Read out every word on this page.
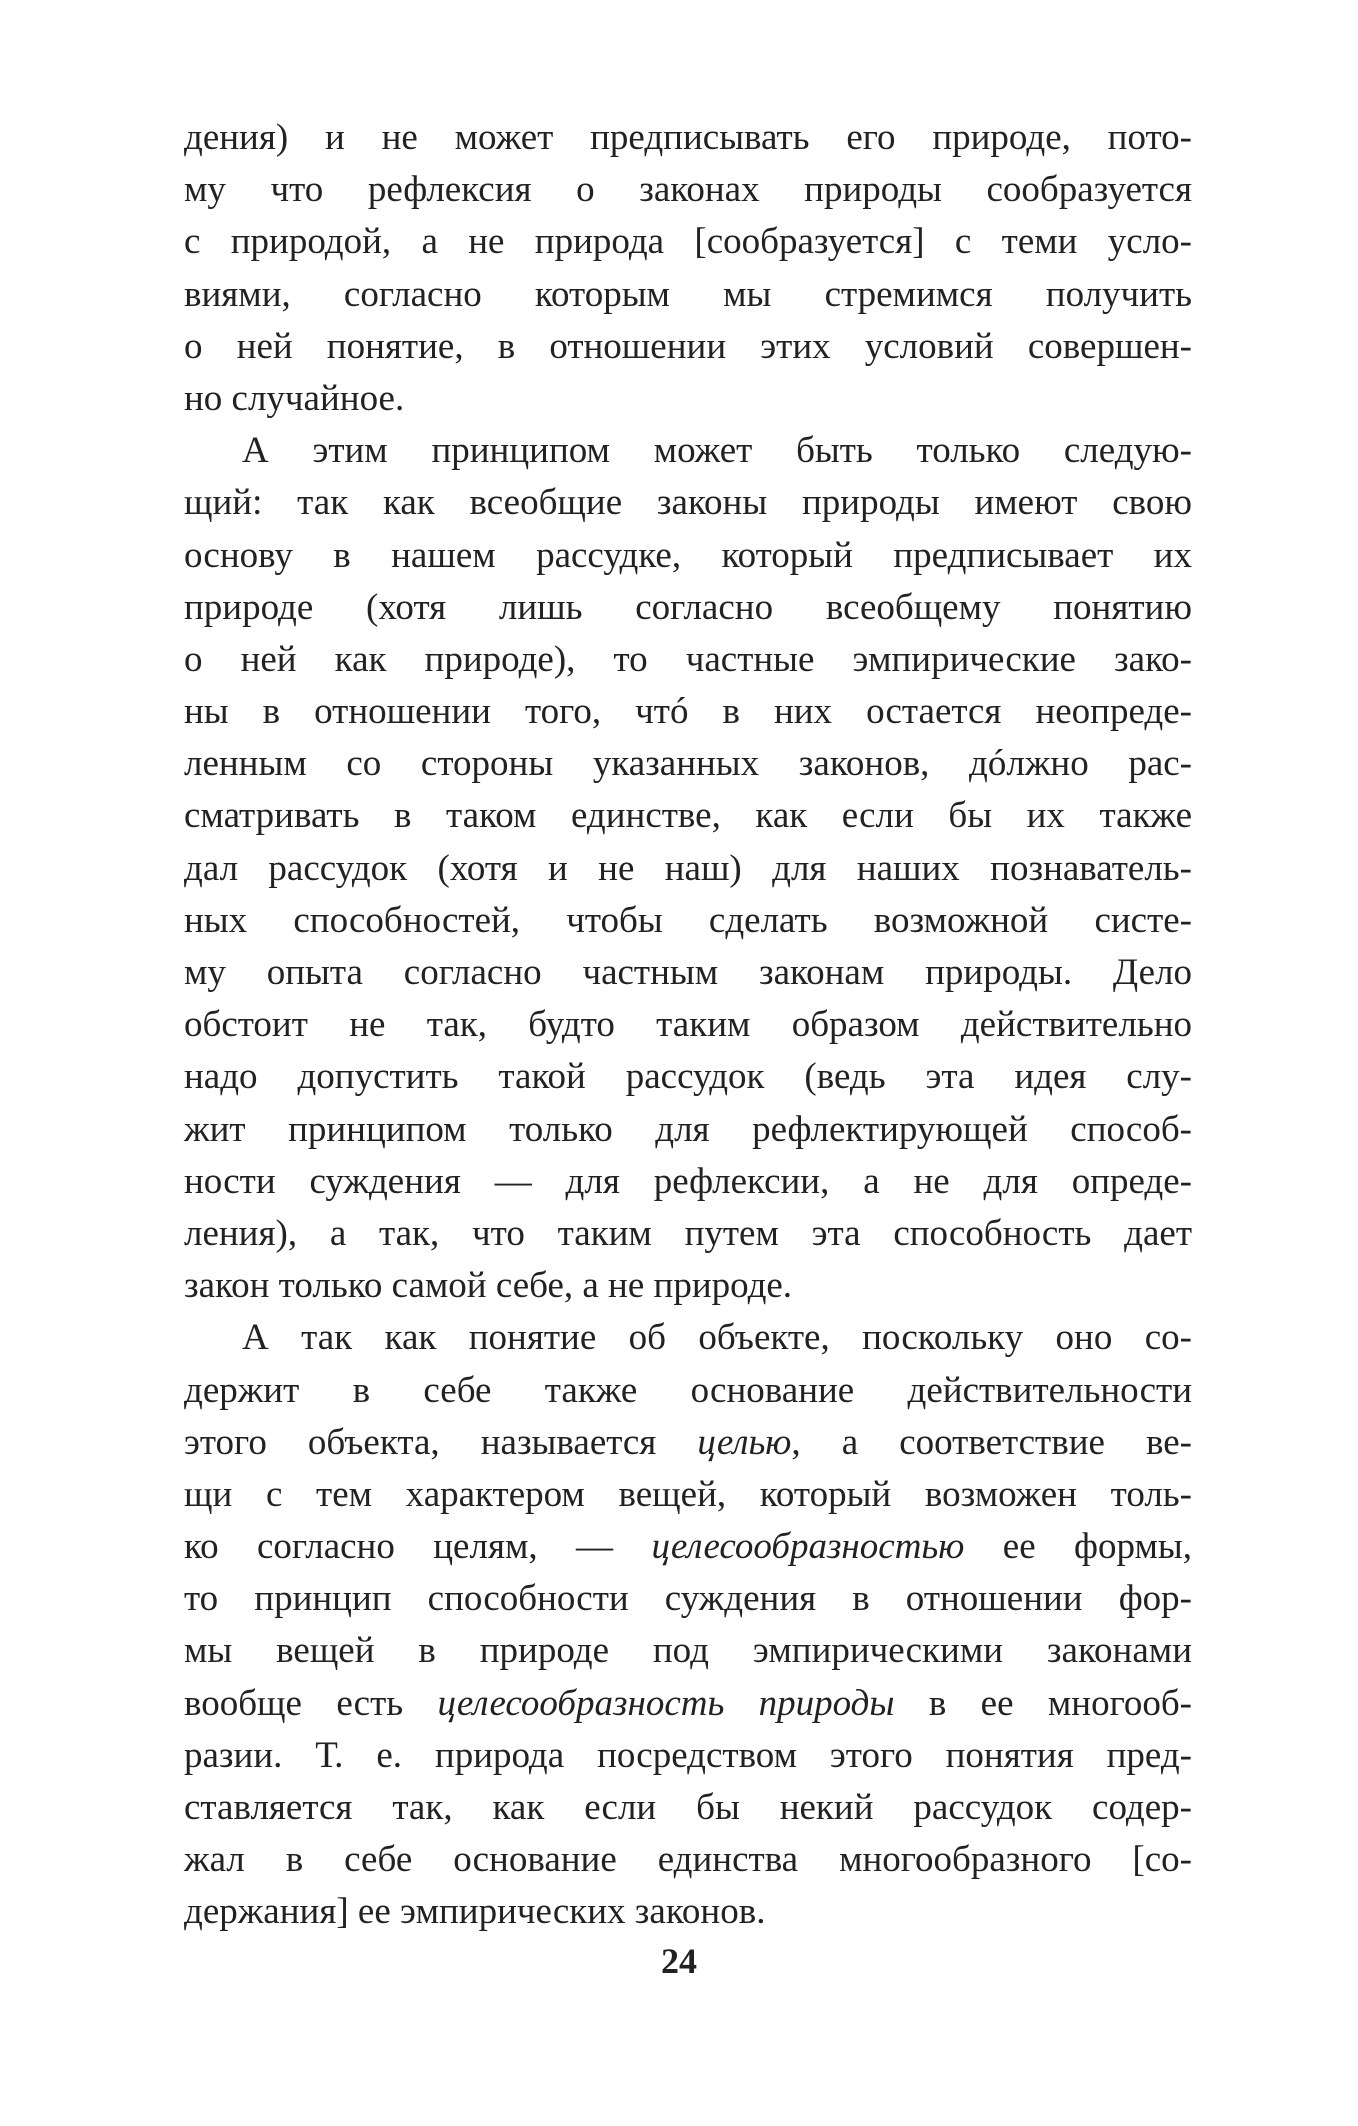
дения) и не может предписывать его природе, пото-
му что рефлексия о законах природы сообразуется
с природой, а не природа [сообразуется] с теми усло-
виями, согласно которым мы стремимся получить
о ней понятие, в отношении этих условий совершен-
но случайное.
А этим принципом может быть только следую-
щий: так как всеобщие законы природы имеют свою
основу в нашем рассудке, который предписывает их
природе (хотя лишь согласно всеобщему понятию
о ней как природе), то частные эмпирические зако-
ны в отношении того, чтó в них остается неопреде-
ленным со стороны указанных законов, дóлжно рас-
сматривать в таком единстве, как если бы их также
дал рассудок (хотя и не наш) для наших познаватель-
ных способностей, чтобы сделать возможной систе-
му опыта согласно частным законам природы. Дело
обстоит не так, будто таким образом действительно
надо допустить такой рассудок (ведь эта идея слу-
жит принципом только для рефлектирующей способ-
ности суждения — для рефлексии, а не для опреде-
ления), а так, что таким путем эта способность дает
закон только самой себе, а не природе.
А так как понятие об объекте, поскольку оно со-
держит в себе также основание действительности
этого объекта, называется целью, а соответствие ве-
щи с тем характером вещей, который возможен толь-
ко согласно целям, — целесообразностью ее формы,
то принцип способности суждения в отношении фор-
мы вещей в природе под эмпирическими законами
вообще есть целесообразность природы в ее многооб-
разии. Т. е. природа посредством этого понятия пред-
ставляется так, как если бы некий рассудок содер-
жал в себе основание единства многообразного [со-
держания] ее эмпирических законов.
24
